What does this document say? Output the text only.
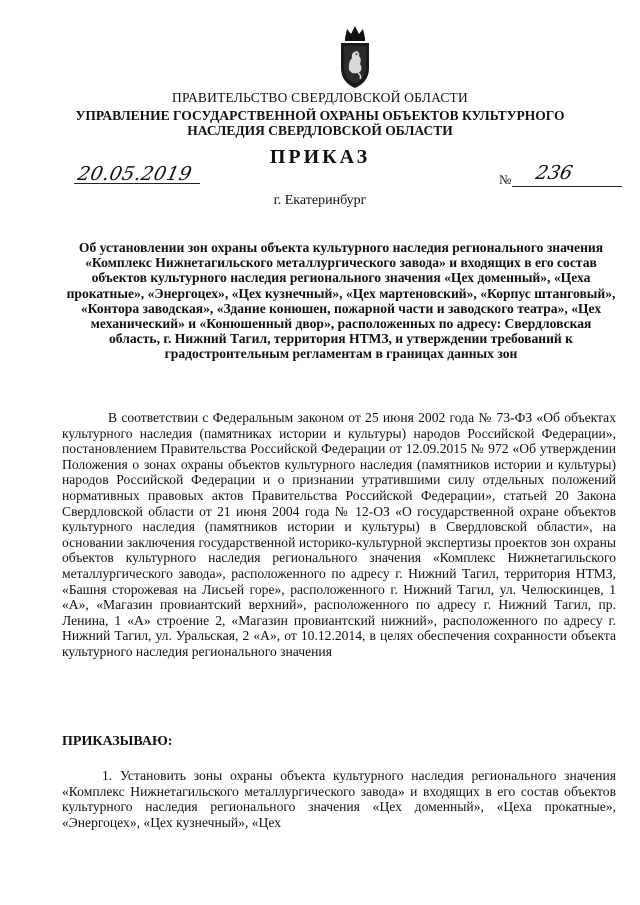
ПРАВИТЕЛЬСТВО СВЕРДЛОВСКОЙ ОБЛАСТИ
УПРАВЛЕНИЕ ГОСУДАРСТВЕННОЙ ОХРАНЫ ОБЪЕКТОВ КУЛЬТУРНОГО НАСЛЕДИЯ СВЕРДЛОВСКОЙ ОБЛАСТИ
ПРИКАЗ
20.05.2019	№ 236
г. Екатеринбург
Об установлении зон охраны объекта культурного наследия регионального значения «Комплекс Нижнетагильского металлургического завода» и входящих в его состав объектов культурного наследия регионального значения «Цех доменный», «Цеха прокатные», «Энергоцех», «Цех кузнечный», «Цех мартеновский», «Корпус штанговый», «Контора заводская», «Здание конюшен, пожарной части и заводского театра», «Цех механический» и «Конюшенный двор», расположенных по адресу: Свердловская область, г. Нижний Тагил, территория НТМЗ, и утверждении требований к градостроительным регламентам в границах данных зон

В соответствии с Федеральным законом от 25 июня 2002 года № 73-ФЗ «Об объектах культурного наследия (памятниках истории и культуры) народов Российской Федерации», постановлением Правительства Российской Федерации от 12.09.2015 № 972 «Об утверждении Положения о зонах охраны объектов культурного наследия (памятников истории и культуры) народов Российской Федерации и о признании утратившими силу отдельных положений нормативных правовых актов Правительства Российской Федерации», статьей 20 Закона Свердловской области от 21 июня 2004 года № 12-ОЗ «О государственной охране объектов культурного наследия (памятников истории и культуры) в Свердловской области», на основании заключения государственной историко-культурной экспертизы проектов зон охраны объектов культурного наследия регионального значения «Комплекс Нижнетагильского металлургического завода», расположенного по адресу г. Нижний Тагил, территория НТМЗ, «Башня сторожевая на Лисьей горе», расположенного г. Нижний Тагил, ул. Челюскинцев, 1 «А», «Магазин провиантский верхний», расположенного по адресу г. Нижний Тагил, пр. Ленина, 1 «А» строение 2, «Магазин провиантский нижний», расположенного по адресу г. Нижний Тагил, ул. Уральская, 2 «А», от 10.12.2014, в целях обеспечения сохранности объекта культурного наследия регионального значения

ПРИКАЗЫВАЮ:

1. Установить зоны охраны объекта культурного наследия регионального значения «Комплекс Нижнетагильского металлургического завода» и входящих в его состав объектов культурного наследия регионального значения «Цех доменный», «Цеха прокатные», «Энергоцех», «Цех кузнечный», «Цех
